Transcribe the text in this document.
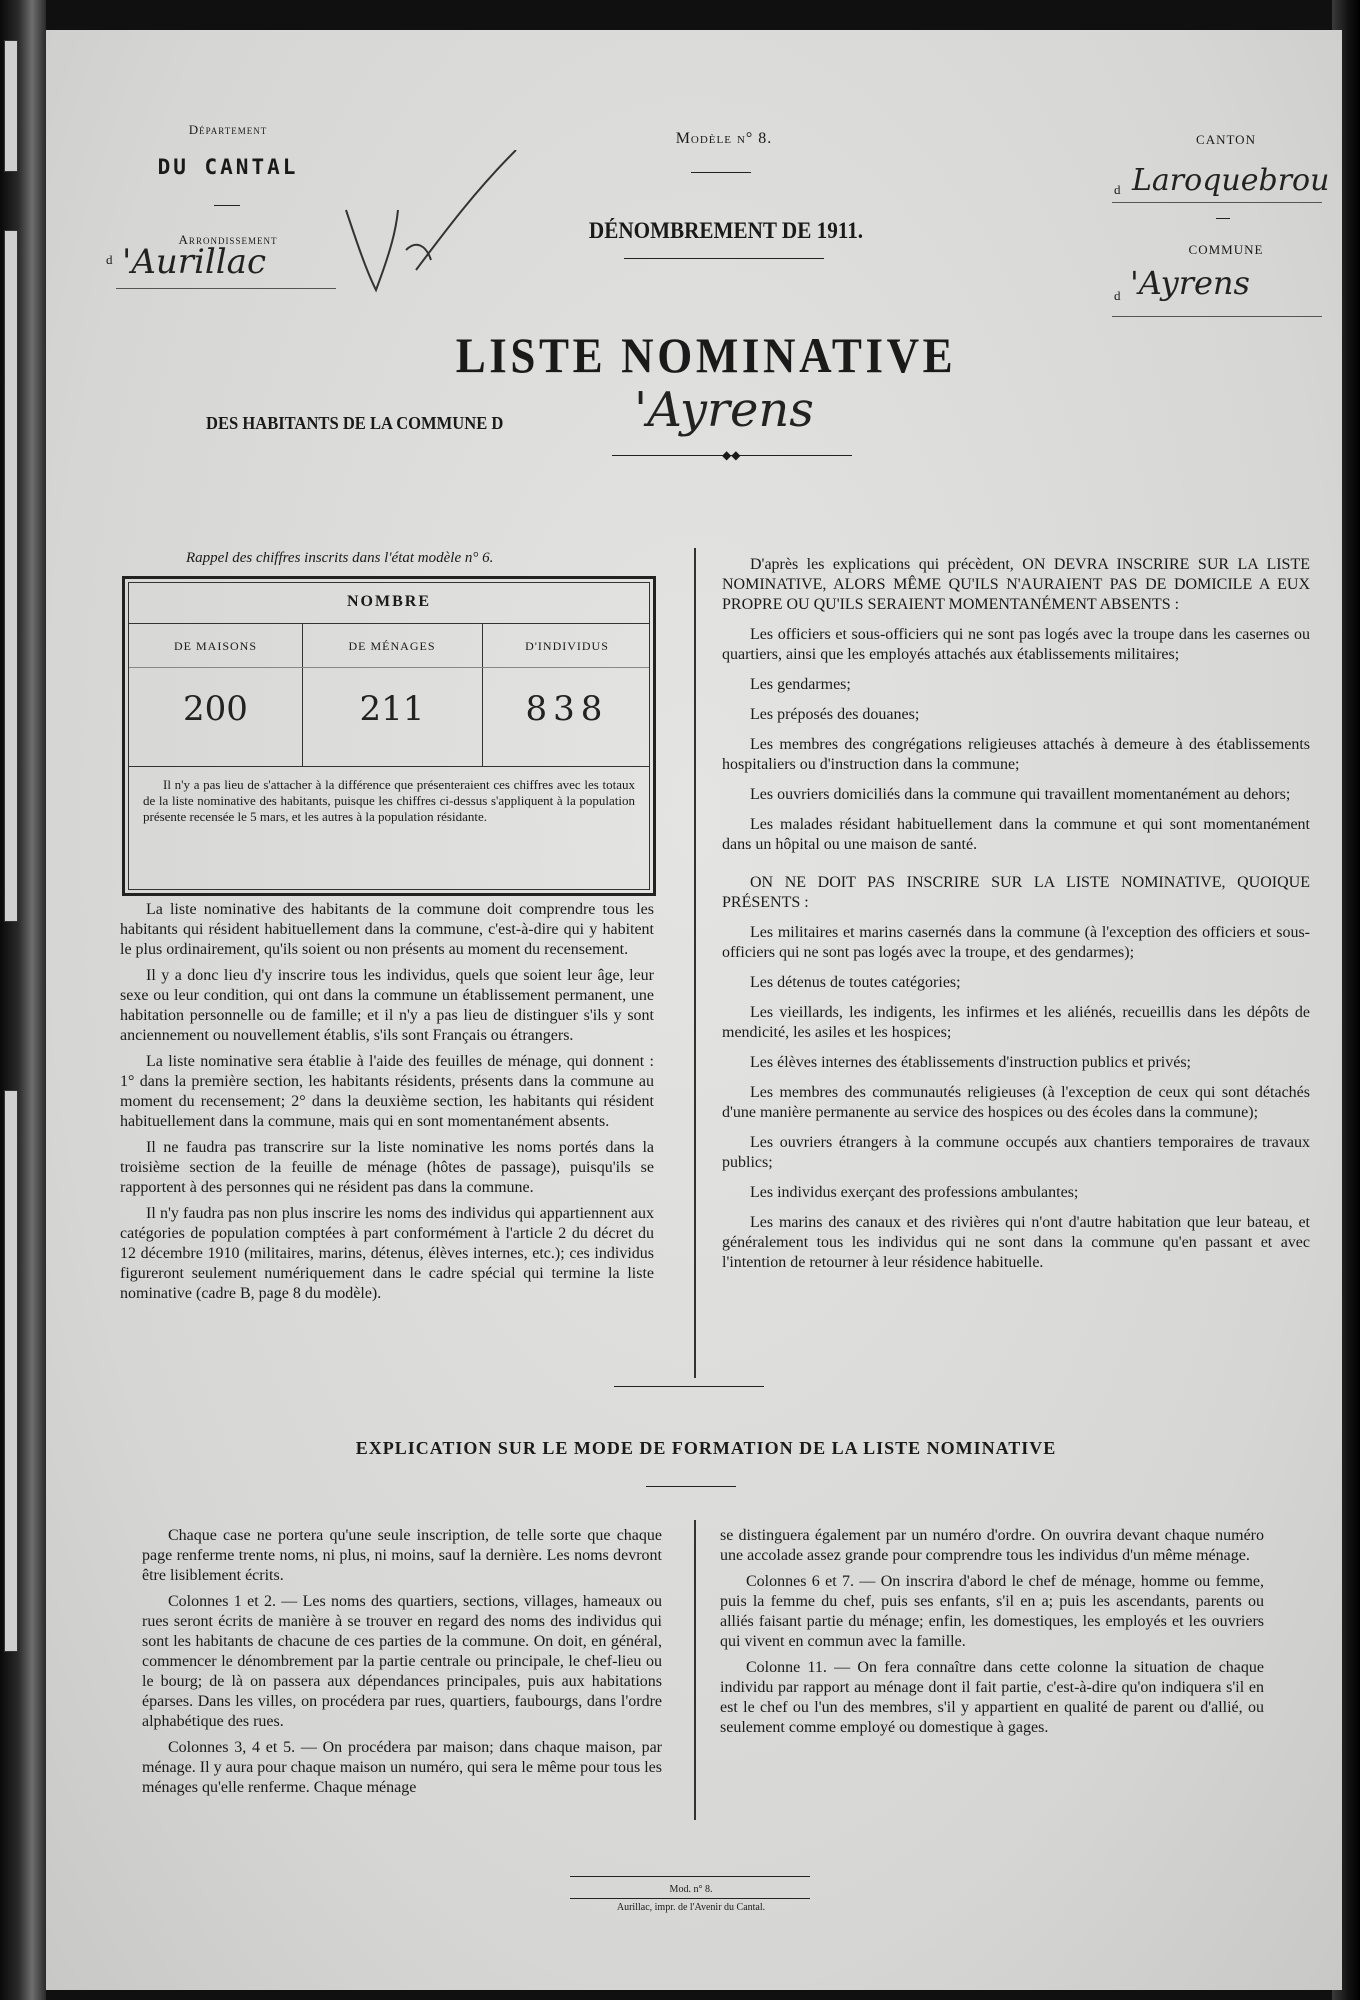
Département
DU CANTAL
Arrondissement
d 'Aurillac
Modèle n° 8.
DÉNOMBREMENT DE 1911.
CANTON
d Laroquebrou
COMMUNE
d 'Ayrens
LISTE NOMINATIVE
DES HABITANTS DE LA COMMUNE D	'Ayrens
◆◆
Rappel des chiffres inscrits dans l'état modèle n° 6.
NOMBRE
DE MAISONS	DE MÉNAGES	D'INDIVIDUS
200	211	838
Il n'y a pas lieu de s'attacher à la différence que présenteraient ces chiffres avec les totaux de la liste nominative des habitants, puisque les chiffres ci-dessus s'appliquent à la population présente recensée le 5 mars, et les autres à la population résidante.

La liste nominative des habitants de la commune doit comprendre tous les habitants qui résident habituellement dans la commune, c'est-à-dire qui y habitent le plus ordinairement, qu'ils soient ou non présents au moment du recensement.

Il y a donc lieu d'y inscrire tous les individus, quels que soient leur âge, leur sexe ou leur condition, qui ont dans la commune un établissement permanent, une habitation personnelle ou de famille; et il n'y a pas lieu de distinguer s'ils y sont anciennement ou nouvellement établis, s'ils sont Français ou étrangers.

La liste nominative sera établie à l'aide des feuilles de ménage, qui donnent : 1° dans la première section, les habitants résidents, présents dans la commune au moment du recensement; 2° dans la deuxième section, les habitants qui résident habituellement dans la commune, mais qui en sont momentanément absents.

Il ne faudra pas transcrire sur la liste nominative les noms portés dans la troisième section de la feuille de ménage (hôtes de passage), puisqu'ils se rapportent à des personnes qui ne résident pas dans la commune.

Il n'y faudra pas non plus inscrire les noms des individus qui appartiennent aux catégories de population comptées à part conformément à l'article 2 du décret du 12 décembre 1910 (militaires, marins, détenus, élèves internes, etc.); ces individus figureront seulement numériquement dans le cadre spécial qui termine la liste nominative (cadre B, page 8 du modèle).

D'après les explications qui précèdent, ON DEVRA INSCRIRE SUR LA LISTE NOMINATIVE, ALORS MÊME QU'ILS N'AURAIENT PAS DE DOMICILE A EUX PROPRE OU QU'ILS SERAIENT MOMENTANÉMENT ABSENTS :

Les officiers et sous-officiers qui ne sont pas logés avec la troupe dans les casernes ou quartiers, ainsi que les employés attachés aux établissements militaires;

Les gendarmes;

Les préposés des douanes;

Les membres des congrégations religieuses attachés à demeure à des établissements hospitaliers ou d'instruction dans la commune;

Les ouvriers domiciliés dans la commune qui travaillent momentanément au dehors;

Les malades résidant habituellement dans la commune et qui sont momentanément dans un hôpital ou une maison de santé.

ON NE DOIT PAS INSCRIRE SUR LA LISTE NOMINATIVE, QUOIQUE PRÉSENTS :

Les militaires et marins casernés dans la commune (à l'exception des officiers et sous-officiers qui ne sont pas logés avec la troupe, et des gendarmes);

Les détenus de toutes catégories;

Les vieillards, les indigents, les infirmes et les aliénés, recueillis dans les dépôts de mendicité, les asiles et les hospices;

Les élèves internes des établissements d'instruction publics et privés;

Les membres des communautés religieuses (à l'exception de ceux qui sont détachés d'une manière permanente au service des hospices ou des écoles dans la commune);

Les ouvriers étrangers à la commune occupés aux chantiers temporaires de travaux publics;

Les individus exerçant des professions ambulantes;

Les marins des canaux et des rivières qui n'ont d'autre habitation que leur bateau, et généralement tous les individus qui ne sont dans la commune qu'en passant et avec l'intention de retourner à leur résidence habituelle.

EXPLICATION SUR LE MODE DE FORMATION DE LA LISTE NOMINATIVE

Chaque case ne portera qu'une seule inscription, de telle sorte que chaque page renferme trente noms, ni plus, ni moins, sauf la dernière. Les noms devront être lisiblement écrits.

Colonnes 1 et 2. — Les noms des quartiers, sections, villages, hameaux ou rues seront écrits de manière à se trouver en regard des noms des individus qui sont les habitants de chacune de ces parties de la commune. On doit, en général, commencer le dénombrement par la partie centrale ou principale, le chef-lieu ou le bourg; de là on passera aux dépendances principales, puis aux habitations éparses. Dans les villes, on procédera par rues, quartiers, faubourgs, dans l'ordre alphabétique des rues.

Colonnes 3, 4 et 5. — On procédera par maison; dans chaque maison, par ménage. Il y aura pour chaque maison un numéro, qui sera le même pour tous les ménages qu'elle renferme. Chaque ménage

se distinguera également par un numéro d'ordre. On ouvrira devant chaque numéro une accolade assez grande pour comprendre tous les individus d'un même ménage.

Colonnes 6 et 7. — On inscrira d'abord le chef de ménage, homme ou femme, puis la femme du chef, puis ses enfants, s'il en a; puis les ascendants, parents ou alliés faisant partie du ménage; enfin, les domestiques, les employés et les ouvriers qui vivent en commun avec la famille.

Colonne 11. — On fera connaître dans cette colonne la situation de chaque individu par rapport au ménage dont il fait partie, c'est-à-dire qu'on indiquera s'il en est le chef ou l'un des membres, s'il y appartient en qualité de parent ou d'allié, ou seulement comme employé ou domestique à gages.

Mod. n° 8.
Aurillac, impr. de l'Avenir du Cantal.
